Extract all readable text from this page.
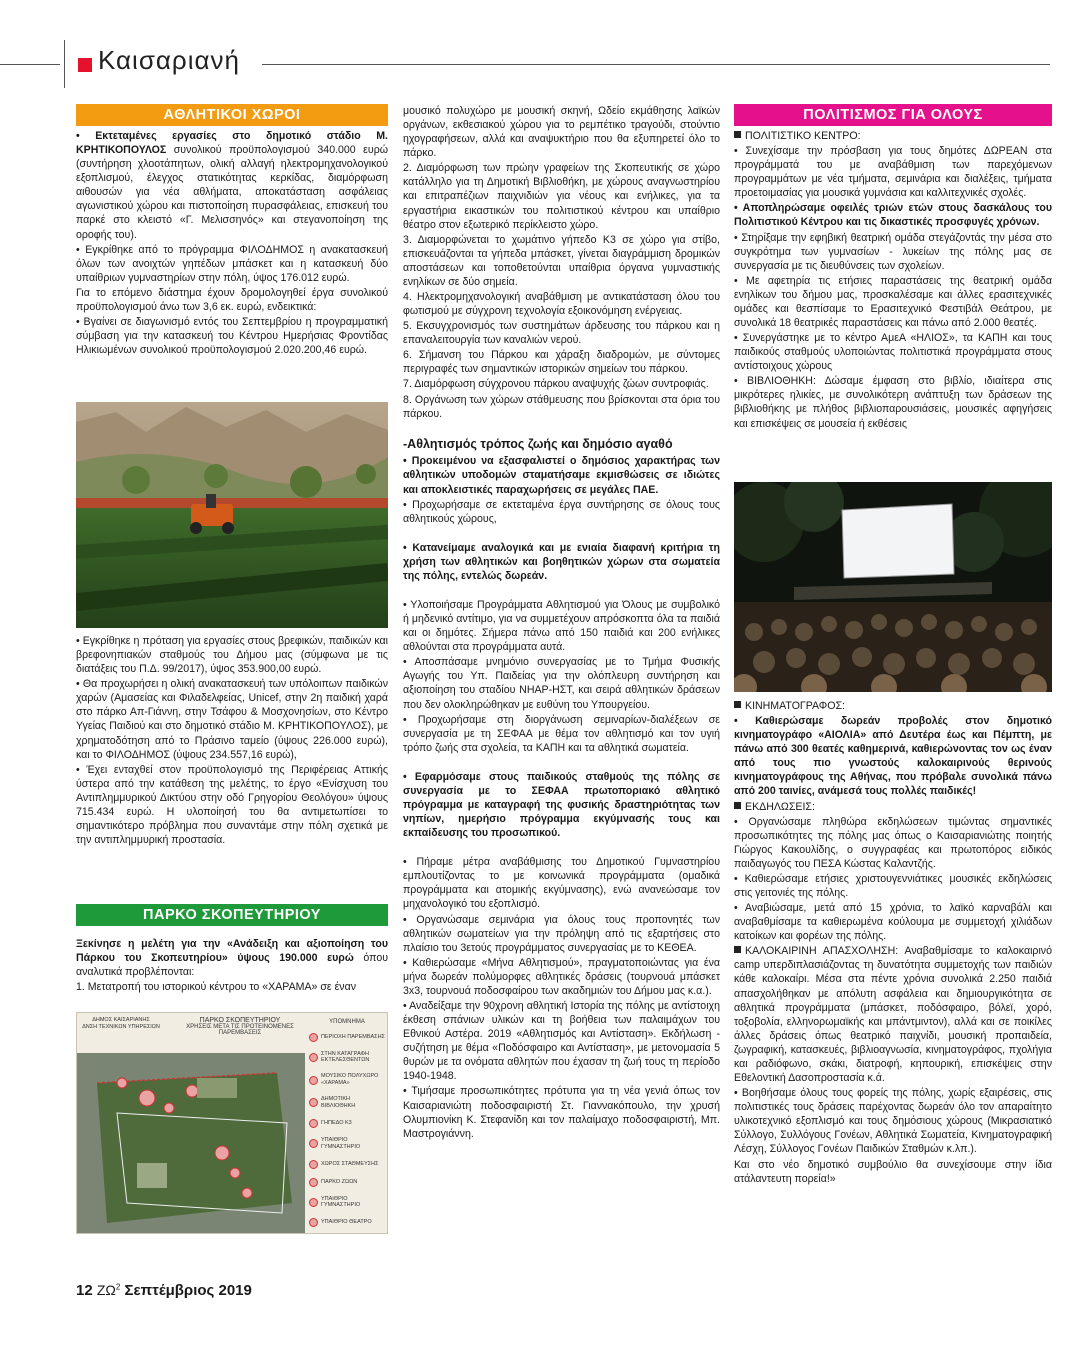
Καισαριανή
ΑΘΛΗΤΙΚΟΙ ΧΩΡΟΙ

• Εκτεταμένες εργασίες στο δημοτικό στάδιο Μ. ΚΡΗΤΙΚΟΠΟΥΛΟΣ συνολικού προϋπολογισμού 340.000 ευρώ (συντήρηση χλοοτάπητων, ολική αλλαγή ηλεκτρομηχανολογικού εξοπλισμού, έλεγχος στατικότητας κερκίδας, διαμόρφωση αιθουσών για νέα αθλήματα, αποκατάσταση ασφάλειας αγωνιστικού χώρου και πιστοποίηση πυρασφάλειας, επισκευή του παρκέ στο κλειστό «Γ. Μελισσηνός» και στεγανοποίηση της οροφής του).

• Εγκρίθηκε από το πρόγραμμα ΦΙΛΟΔΗΜΟΣ η ανακατασκευή όλων των ανοιχτών γηπέδων μπάσκετ και η κατασκευή δύο υπαίθριων γυμναστηρίων στην πόλη, ύψος 176.012 ευρώ.

Για το επόμενο διάστημα έχουν δρομολογηθεί έργα συνολικού προϋπολογισμού άνω των 3,6 εκ. ευρώ, ενδεικτικά:

• Βγαίνει σε διαγωνισμό εντός του Σεπτεμβρίου η προγραμματική σύμβαση για την κατασκευή του Κέντρου Ημερήσιας Φροντίδας Ηλικιωμένων συνολικού προϋπολογισμού 2.020.200,46 ευρώ.

• Εγκρίθηκε η πρόταση για εργασίες στους βρεφικών, παιδικών και βρεφονηπιακών σταθμούς του Δήμου μας (σύμφωνα με τις διατάξεις του Π.Δ. 99/2017), ύψος 353.900,00 ευρώ.

• Θα προχωρήσει η ολική ανακατασκευή των υπόλοιπων παιδικών χαρών (Αμασείας και Φιλαδελφείας, Unicef, στην 2η παιδική χαρά στο πάρκο Απ-Γιάννη, στην Τσάφου & Μοσχονησίων, στο Κέντρο Υγείας Παιδιού και στο δημοτικό στάδιο Μ. ΚΡΗΤΙΚΟΠΟΥΛΟΣ), με χρηματοδότηση από το Πράσινο ταμείο (ύψους 226.000 ευρώ), και το ΦΙΛΟΔΗΜΟΣ (ύψους 234.557,16 ευρώ),

• Έχει ενταχθεί στον προϋπολογισμό της Περιφέρειας Αττικής ύστερα από την κατάθεση της μελέτης, το έργο «Ενίσχυση του Αντιπλημμυρικού Δικτύου στην οδό Γρηγορίου Θεολόγου» ύψους 715.434 ευρώ. Η υλοποίησή του θα αντιμετωπίσει το σημαντικότερο πρόβλημα που συναντάμε στην πόλη σχετικά με την αντιπλημμυρική προστασία.

ΠΑΡΚΟ ΣΚΟΠΕΥΤΗΡΙΟΥ

Ξεκίνησε η μελέτη για την «Ανάδειξη και αξιοποίηση του Πάρκου του Σκοπευτηρίου» ύψους 190.000 ευρώ όπου αναλυτικά προβλέπονται:

1. Μετατροπή του ιστορικού κέντρου το «ΧΑΡΑΜΑ» σε έναν

ΔΗΜΟΣ ΚΑΙΣΑΡΙΑΝΗΣ
ΔΝΣΗ ΤΕΧΝΙΚΩΝ ΥΠΗΡΕΣΙΩΝ
ΠΑΡΚΟ ΣΚΟΠΕΥΤΗΡΙΟΥ
ΧΡΗΣΕΙΣ ΜΕΤΑ ΤΙΣ ΠΡΟΤΕΙΝΟΜΕΝΕΣ ΠΑΡΕΜΒΑΣΕΙΣ
ΥΠΟΜΝΗΜΑ
ΠΕΡΙΟΧΗ ΠΑΡΕΜΒΑΣΗΣ
ΣΤΗΝ ΚΑΤΑΓΡΑΦΗ ΕΚΤΕΛΕΣΘΕΝΤΩΝ
ΜΟΥΣΙΚΟ ΠΟΛΥΧΩΡΟ «ΧΑΡΑΜΑ»
ΔΗΜΟΤΙΚΗ ΒΙΒΛΙΟΘΗΚΗ
ΓΗΠΕΔΟ Κ3
ΥΠΑΙΘΡΙΟ ΓΥΜΝΑΣΤΗΡΙΟ
ΧΩΡΟΣ ΣΤΑΘΜΕΥΣΗΣ
ΠΑΡΚΟ ΖΩΩΝ
ΥΠΑΙΘΡΙΟ ΓΥΜΝΑΣΤΗΡΙΟ
ΥΠΑΙΘΡΙΟ ΘΕΑΤΡΟ

μουσικό πολυχώρο με μουσική σκηνή, Ωδείο εκμάθησης λαϊκών οργάνων, εκθεσιακού χώρου για το ρεμπέτικο τραγούδι, στούντιο ηχογραφήσεων, αλλά και αναψυκτήριο που θα εξυπηρετεί όλο το πάρκο.

2. Διαμόρφωση των πρώην γραφείων της Σκοπευτικής σε χώρο κατάλληλο για τη Δημοτική Βιβλιοθήκη, με χώρους αναγνωστηρίου και επιτραπέζιων παιχνιδιών για νέους και ενήλικες, για τα εργαστήρια εικαστικών του πολιτιστικού κέντρου και υπαίθριο θέατρο στον εξωτερικό περίκλειστο χώρο.

3. Διαμορφώνεται το χωμάτινο γήπεδο Κ3 σε χώρο για στίβο, επισκευάζονται τα γήπεδα μπάσκετ, γίνεται διαγράμμιση δρομικών αποστάσεων και τοποθετούνται υπαίθρια όργανα γυμναστικής ενηλίκων σε δύο σημεία.

4. Ηλεκτρομηχανολογική αναβάθμιση με αντικατάσταση όλου του φωτισμού με σύγχρονη τεχνολογία εξοικονόμηση ενέργειας.

5. Εκσυγχρονισμός των συστημάτων άρδευσης του πάρκου και η επαναλειτουργία των καναλιών νερού.

6. Σήμανση του Πάρκου και χάραξη διαδρομών, με σύντομες περιγραφές των σημαντικών ιστορικών σημείων του πάρκου.

7. Διαμόρφωση σύγχρονου πάρκου αναψυχής ζώων συντροφιάς.

8. Οργάνωση των χώρων στάθμευσης που βρίσκονται στα όρια του πάρκου.

-Αθλητισμός τρόπος ζωής και δημόσιο αγαθό

• Προκειμένου να εξασφαλιστεί ο δημόσιος χαρακτήρας των αθλητικών υποδομών σταματήσαμε εκμισθώσεις σε ιδιώτες και αποκλειστικές παραχωρήσεις σε μεγάλες ΠΑΕ.

• Προχωρήσαμε σε εκτεταμένα έργα συντήρησης σε όλους τους αθλητικούς χώρους,

• Κατανείμαμε αναλογικά και με ενιαία διαφανή κριτήρια τη χρήση των αθλητικών και βοηθητικών χώρων στα σωματεία της πόλης, εντελώς δωρεάν.

• Υλοποιήσαμε Προγράμματα Αθλητισμού για Όλους με συμβολικό ή μηδενικό αντίτιμο, για να συμμετέχουν απρόσκοπτα όλα τα παιδιά και οι δημότες. Σήμερα πάνω από 150 παιδιά και 200 ενήλικες αθλούνται στα προγράμματα αυτά.

• Αποσπάσαμε μνημόνιο συνεργασίας με το Τμήμα Φυσικής Αγωγής του Υπ. Παιδείας για την ολόπλευρη συντήρηση και αξιοποίηση του σταδίου ΝΗΑΡ-ΗΣΤ, και σειρά αθλητικών δράσεων που δεν ολοκληρώθηκαν με ευθύνη του Υπουργείου.

• Προχωρήσαμε στη διοργάνωση σεμιναρίων-διαλέξεων σε συνεργασία με τη ΣΕΦΑΑ με θέμα τον αθλητισμό και τον υγιή τρόπο ζωής στα σχολεία, τα ΚΑΠΗ και τα αθλητικά σωματεία.

• Εφαρμόσαμε στους παιδικούς σταθμούς της πόλης σε συνεργασία με το ΣΕΦΑΑ πρωτοποριακό αθλητικό πρόγραμμα με καταγραφή της φυσικής δραστηριότητας των νηπίων, ημερήσιο πρόγραμμα εκγύμνασής τους και εκπαίδευσης του προσωπικού.

• Πήραμε μέτρα αναβάθμισης του Δημοτικού Γυμναστηρίου εμπλουτίζοντας το με κοινωνικά προγράμματα (ομαδικά προγράμματα και ατομικής εκγύμνασης), ενώ ανανεώσαμε τον μηχανολογικό του εξοπλισμό.

• Οργανώσαμε σεμινάρια για όλους τους προπονητές των αθλητικών σωματείων για την πρόληψη από τις εξαρτήσεις στο πλαίσιο του 3ετούς προγράμματος συνεργασίας με το ΚΕΘΕΑ.

• Καθιερώσαμε «Μήνα Αθλητισμού», πραγματοποιώντας για ένα μήνα δωρεάν πολύμορφες αθλητικές δράσεις (τουρνουά μπάσκετ 3x3, τουρνουά ποδοσφαίρου των ακαδημιών του Δήμου μας κ.α.).

• Αναδείξαμε την 90χρονη αθλητική Ιστορία της πόλης με αντίστοιχη έκθεση σπάνιων υλικών και τη βοήθεια των παλαιμάχων του Εθνικού Αστέρα. 2019 «Αθλητισμός και Αντίσταση». Εκδήλωση - συζήτηση με θέμα «Ποδόσφαιρο και Αντίσταση», με μετονομασία 5 θυρών με τα ονόματα αθλητών που έχασαν τη ζωή τους τη περίοδο 1940-1948.

• Τιμήσαμε προσωπικότητες πρότυπα για τη νέα γενιά όπως τον Καισαριανιώτη ποδοσφαιριστή Στ. Γιαννακόπουλο, την χρυσή Ολυμπιονίκη Κ. Στεφανίδη και τον παλαίμαχο ποδοσφαιριστή, Μπ. Μαστρογιάννη.

ΠΟΛΙΤΙΣΜΟΣ ΓΙΑ ΟΛΟΥΣ

ΠΟΛΙΤΙΣΤΙΚΟ ΚΕΝΤΡΟ:

• Συνεχίσαμε την πρόσβαση για τους δημότες ΔΩΡΕΑΝ στα προγράμματά του με αναβάθμιση των παρεχόμενων προγραμμάτων με νέα τμήματα, σεμινάρια και διαλέξεις, τμήματα προετοιμασίας για μουσικά γυμνάσια και καλλιτεχνικές σχολές.

• Αποπληρώσαμε οφειλές τριών ετών στους δασκάλους του Πολιτιστικού Κέντρου και τις δικαστικές προσφυγές χρόνων.

• Στηρίξαμε την εφηβική θεατρική ομάδα στεγάζοντάς την μέσα στο συγκρότημα των γυμνασίων - λυκείων της πόλης μας σε συνεργασία με τις διευθύνσεις των σχολείων.

• Με αφετηρία τις ετήσιες παραστάσεις της θεατρική ομάδα ενηλίκων του δήμου μας, προσκαλέσαμε και άλλες ερασιτεχνικές ομάδες και θεσπίσαμε το Ερασιτεχνικό Φεστιβάλ Θεάτρου, με συνολικά 18 θεατρικές παραστάσεις και πάνω από 2.000 θεατές.

• Συνεργάστηκε με το κέντρο ΑμεΑ «ΗΛΙΟΣ», τα ΚΑΠΗ και τους παιδικούς σταθμούς υλοποιώντας πολιτιστικά προγράμματα στους αντίστοιχους χώρους

• ΒΙΒΛΙΟΘΗΚΗ: Δώσαμε έμφαση στο βιβλίο, ιδιαίτερα στις μικρότερες ηλικίες, με συνολικότερη ανάπτυξη των δράσεων της βιβλιοθήκης με πλήθος βιβλιοπαρουσιάσεις, μουσικές αφηγήσεις και επισκέψεις σε μουσεία ή εκθέσεις

ΚΙΝΗΜΑΤΟΓΡΑΦΟΣ:

• Καθιερώσαμε δωρεάν προβολές στον δημοτικό κινηματογράφο «ΑΙΟΛΙΑ» από Δευτέρα έως και Πέμπτη, με πάνω από 300 θεατές καθημερινά, καθιερώνοντας τον ως έναν από τους πιο γνωστούς καλοκαιρινούς θερινούς κινηματογράφους της Αθήνας, που πρόβαλε συνολικά πάνω από 200 ταινίες, ανάμεσά τους πολλές παιδικές!

ΕΚΔΗΛΩΣΕΙΣ:

• Οργανώσαμε πληθώρα εκδηλώσεων τιμώντας σημαντικές προσωπικότητες της πόλης μας όπως ο Καισαριανιώτης ποιητής Γιώργος Κακουλίδης, ο συγγραφέας και πρωτοπόρος ειδικός παιδαγωγός του ΠΕΣΑ Κώστας Καλαντζής.

• Καθιερώσαμε ετήσιες χριστουγεννιάτικες μουσικές εκδηλώσεις στις γειτονιές της πόλης.

• Αναβιώσαμε, μετά από 15 χρόνια, το λαϊκό καρναβάλι και αναβαθμίσαμε τα καθιερωμένα κούλουμα με συμμετοχή χιλιάδων κατοίκων και φορέων της πόλης.

ΚΑΛΟΚΑΙΡΙΝΗ ΑΠΑΣΧΟΛΗΣΗ: Αναβαθμίσαμε το καλοκαιρινό camp υπερδιπλασιάζοντας τη δυνατότητα συμμετοχής των παιδιών κάθε καλοκαίρι. Μέσα στα πέντε χρόνια συνολικά 2.250 παιδιά απασχολήθηκαν με απόλυτη ασφάλεια και δημιουργικότητα σε αθλητικά προγράμματα (μπάσκετ, ποδόσφαιρο, βόλεϊ, χορό, τοξοβολία, ελληνορωμαϊκής και μπάντμιντον), αλλά και σε ποικίλες άλλες δράσεις όπως θεατρικό παιχνίδι, μουσική προπαιδεία, ζωγραφική, κατασκευές, βιβλιοαγνωσία, κινηματογράφος, πχολήγια και ραδιόφωνο, σκάκι, διατροφή, κηπουρική, επισκέψεις στην Εθελοντική Δασοπροστασία κ.ά.

• Βοηθήσαμε όλους τους φορείς της πόλης, χωρίς εξαιρέσεις, στις πολιτιστικές τους δράσεις παρέχοντας δωρεάν όλο τον απαραίτητο υλικοτεχνικό εξοπλισμό και τους δημόσιους χώρους (Μικρασιατικό Σύλλογο, Συλλόγους Γονέων, Αθλητικά Σωματεία, Κινηματογραφική Λέσχη, Σύλλογος Γονέων Παιδικών Σταθμών κ.λπ.).

Και στο νέο δημοτικό συμβούλιο θα συνεχίσουμε στην ίδια ατάλαντευτη πορεία!»

12 $Z\Omega^2$ Σεπτέμβριος 2019
